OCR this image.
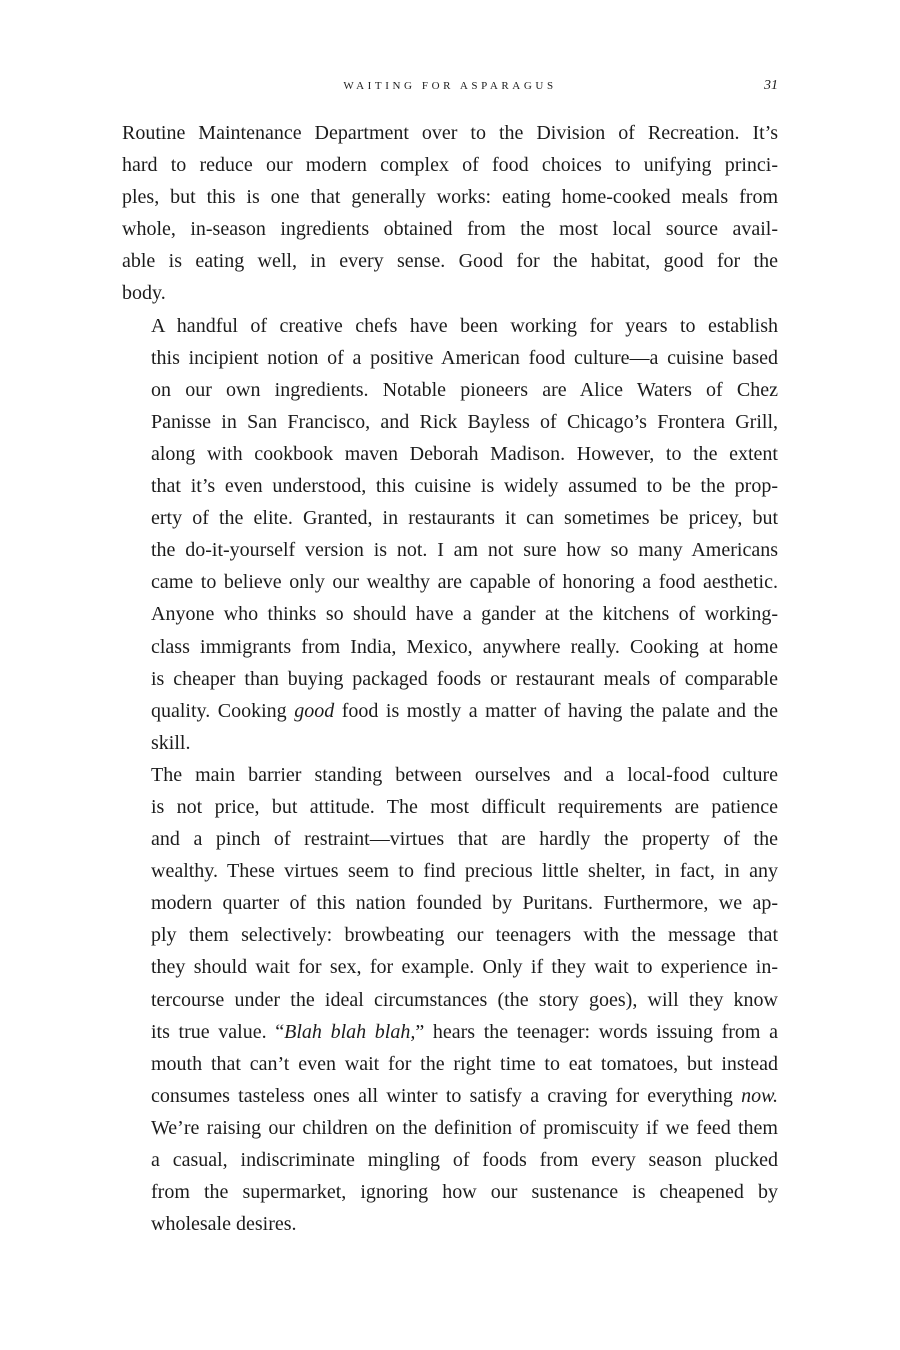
WAITING FOR ASPARAGUS	31

Routine Maintenance Department over to the Division of Recreation. It’s
hard to reduce our modern complex of food choices to unifying princi-
ples, but this is one that generally works: eating home-cooked meals from
whole, in-season ingredients obtained from the most local source avail-
able is eating well, in every sense. Good for the habitat, good for the
body.

A handful of creative chefs have been working for years to establish
this incipient notion of a positive American food culture—a cuisine based
on our own ingredients. Notable pioneers are Alice Waters of Chez
Panisse in San Francisco, and Rick Bayless of Chicago’s Frontera Grill,
along with cookbook maven Deborah Madison. However, to the extent
that it’s even understood, this cuisine is widely assumed to be the prop-
erty of the elite. Granted, in restaurants it can sometimes be pricey, but
the do-it-yourself version is not. I am not sure how so many Americans
came to believe only our wealthy are capable of honoring a food aesthetic.
Anyone who thinks so should have a gander at the kitchens of working-
class immigrants from India, Mexico, anywhere really. Cooking at home
is cheaper than buying packaged foods or restaurant meals of comparable
quality. Cooking good food is mostly a matter of having the palate and the
skill.

The main barrier standing between ourselves and a local-food culture
is not price, but attitude. The most difficult requirements are patience
and a pinch of restraint—virtues that are hardly the property of the
wealthy. These virtues seem to find precious little shelter, in fact, in any
modern quarter of this nation founded by Puritans. Furthermore, we ap-
ply them selectively: browbeating our teenagers with the message that
they should wait for sex, for example. Only if they wait to experience in-
tercourse under the ideal circumstances (the story goes), will they know
its true value. “Blah blah blah,” hears the teenager: words issuing from a
mouth that can’t even wait for the right time to eat tomatoes, but instead
consumes tasteless ones all winter to satisfy a craving for everything now.
We’re raising our children on the definition of promiscuity if we feed them
a casual, indiscriminate mingling of foods from every season plucked
from the supermarket, ignoring how our sustenance is cheapened by
wholesale desires.
